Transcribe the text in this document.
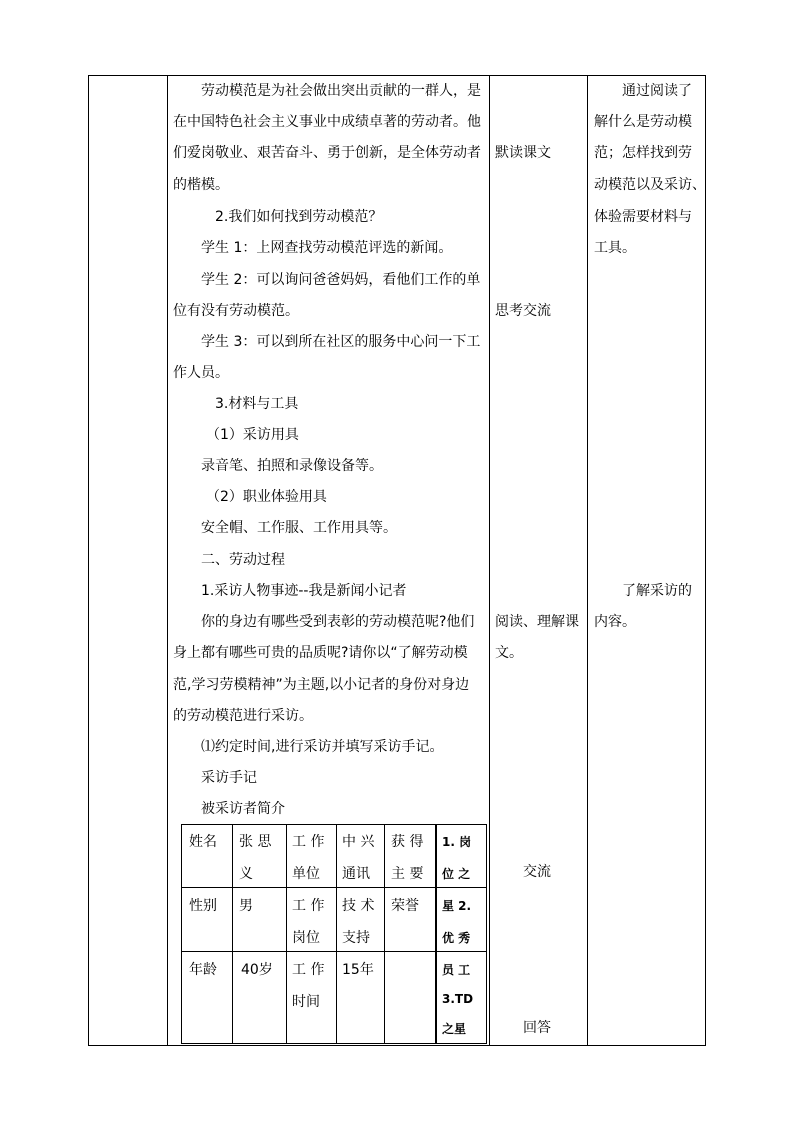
劳动模范是为社会做出突出贡献的一群人，是
在中国特色社会主义事业中成绩卓著的劳动者。他
们爱岗敬业、艰苦奋斗、勇于创新，是全体劳动者
的楷模。
2.我们如何找到劳动模范？
学生 1：上网查找劳动模范评选的新闻。
学生 2：可以询问爸爸妈妈，看他们工作的单
位有没有劳动模范。
学生 3：可以到所在社区的服务中心问一下工
作人员。
3.材料与工具
（1）采访用具
录音笔、拍照和录像设备等。
（2）职业体验用具
安全帽、工作服、工作用具等。
二、劳动过程
1.采访人物事迹--我是新闻小记者
你的身边有哪些受到表彰的劳动模范呢?他们
身上都有哪些可贵的品质呢?请你以“了解劳动模
范,学习劳模精神”为主题,以小记者的身份对身边
的劳动模范进行采访。
⑴约定时间,进行采访并填写采访手记。
采访手记
被采访者简介
默读课文
思考交流
阅读、理解课
文。
交流
回答
通过阅读了
解什么是劳动模
范；怎样找到劳
动模范以及采访、
体验需要材料与
工具。
了解采访的
内容。
姓名 张 思
义
工 作
单位
中 兴
通讯
获 得
主 要
荣誉
1. 岗
位 之
星 2.
优 秀
员 工
3.TD
之星
性别 男	工 作
岗位
技 术
支持
年龄 40岁 工 作
时间
15年
